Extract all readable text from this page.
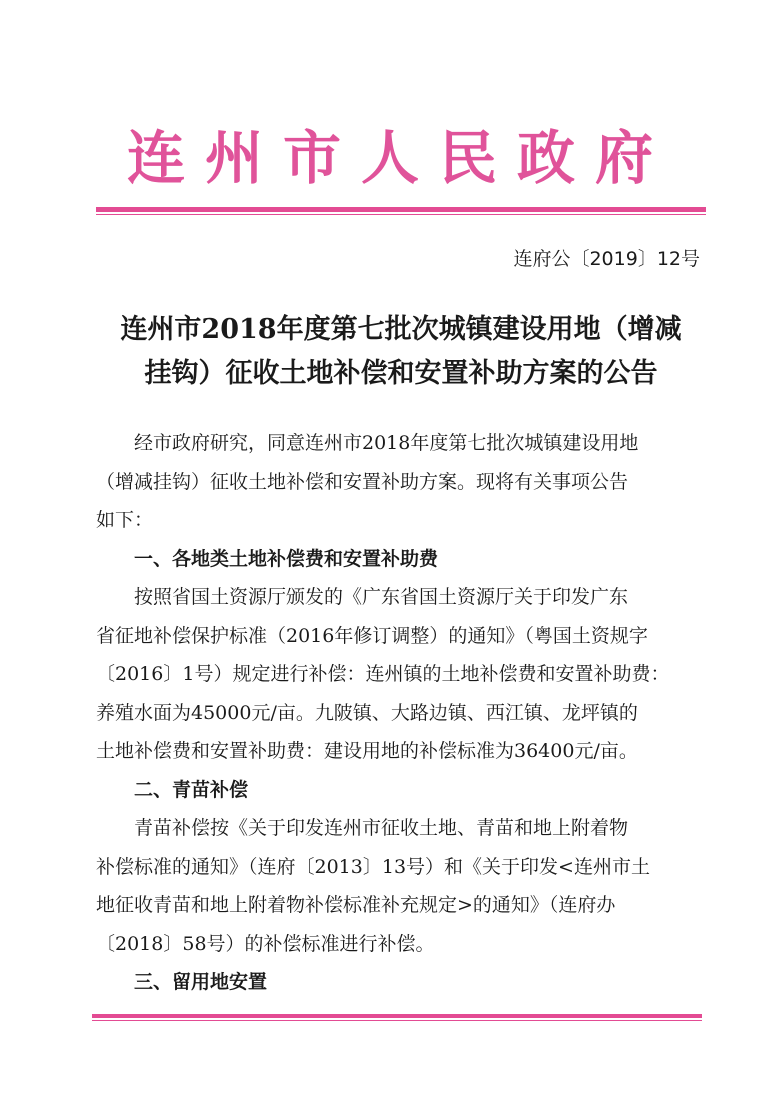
连州市人民政府
连府公〔2019〕12号
连州市2018年度第七批次城镇建设用地（增减
挂钩）征收土地补偿和安置补助方案的公告

经市政府研究，同意连州市2018年度第七批次城镇建设用地

（增减挂钩）征收土地补偿和安置补助方案。现将有关事项公告

如下：

一、各地类土地补偿费和安置补助费

按照省国土资源厅颁发的《广东省国土资源厅关于印发广东

省征地补偿保护标准（2016年修订调整）的通知》（粤国土资规字

〔2016〕1号）规定进行补偿：连州镇的土地补偿费和安置补助费：

养殖水面为45000元/亩。九陂镇、大路边镇、西江镇、龙坪镇的

土地补偿费和安置补助费：建设用地的补偿标准为36400元/亩。

二、青苗补偿

青苗补偿按《关于印发连州市征收土地、青苗和地上附着物

补偿标准的通知》（连府〔2013〕13号）和《关于印发<连州市土

地征收青苗和地上附着物补偿标准补充规定>的通知》（连府办

〔2018〕58号）的补偿标准进行补偿。

三、留用地安置
